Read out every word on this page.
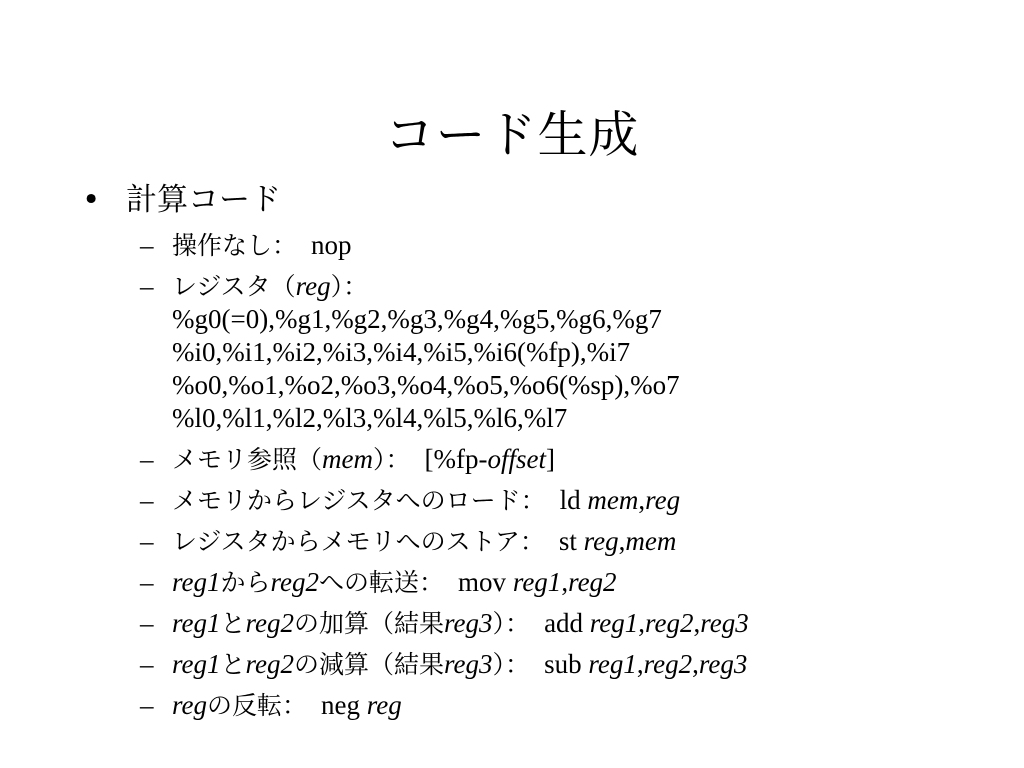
コード生成
• 計算コード
– 操作なし： nop
– レジスタ（reg）：
%g0(=0),%g1,%g2,%g3,%g4,%g5,%g6,%g7
%i0,%i1,%i2,%i3,%i4,%i5,%i6(%fp),%i7
%o0,%o1,%o2,%o3,%o4,%o5,%o6(%sp),%o7
%l0,%l1,%l2,%l3,%l4,%l5,%l6,%l7
– メモリ参照（mem）： [%fp-offset]
– メモリからレジスタへのロード： ld mem,reg
– レジスタからメモリへのストア： st reg,mem
– reg1からreg2への転送： mov reg1,reg2
– reg1とreg2の加算（結果reg3）： add reg1,reg2,reg3
– reg1とreg2の減算（結果reg3）： sub reg1,reg2,reg3
– regの反転： neg reg
